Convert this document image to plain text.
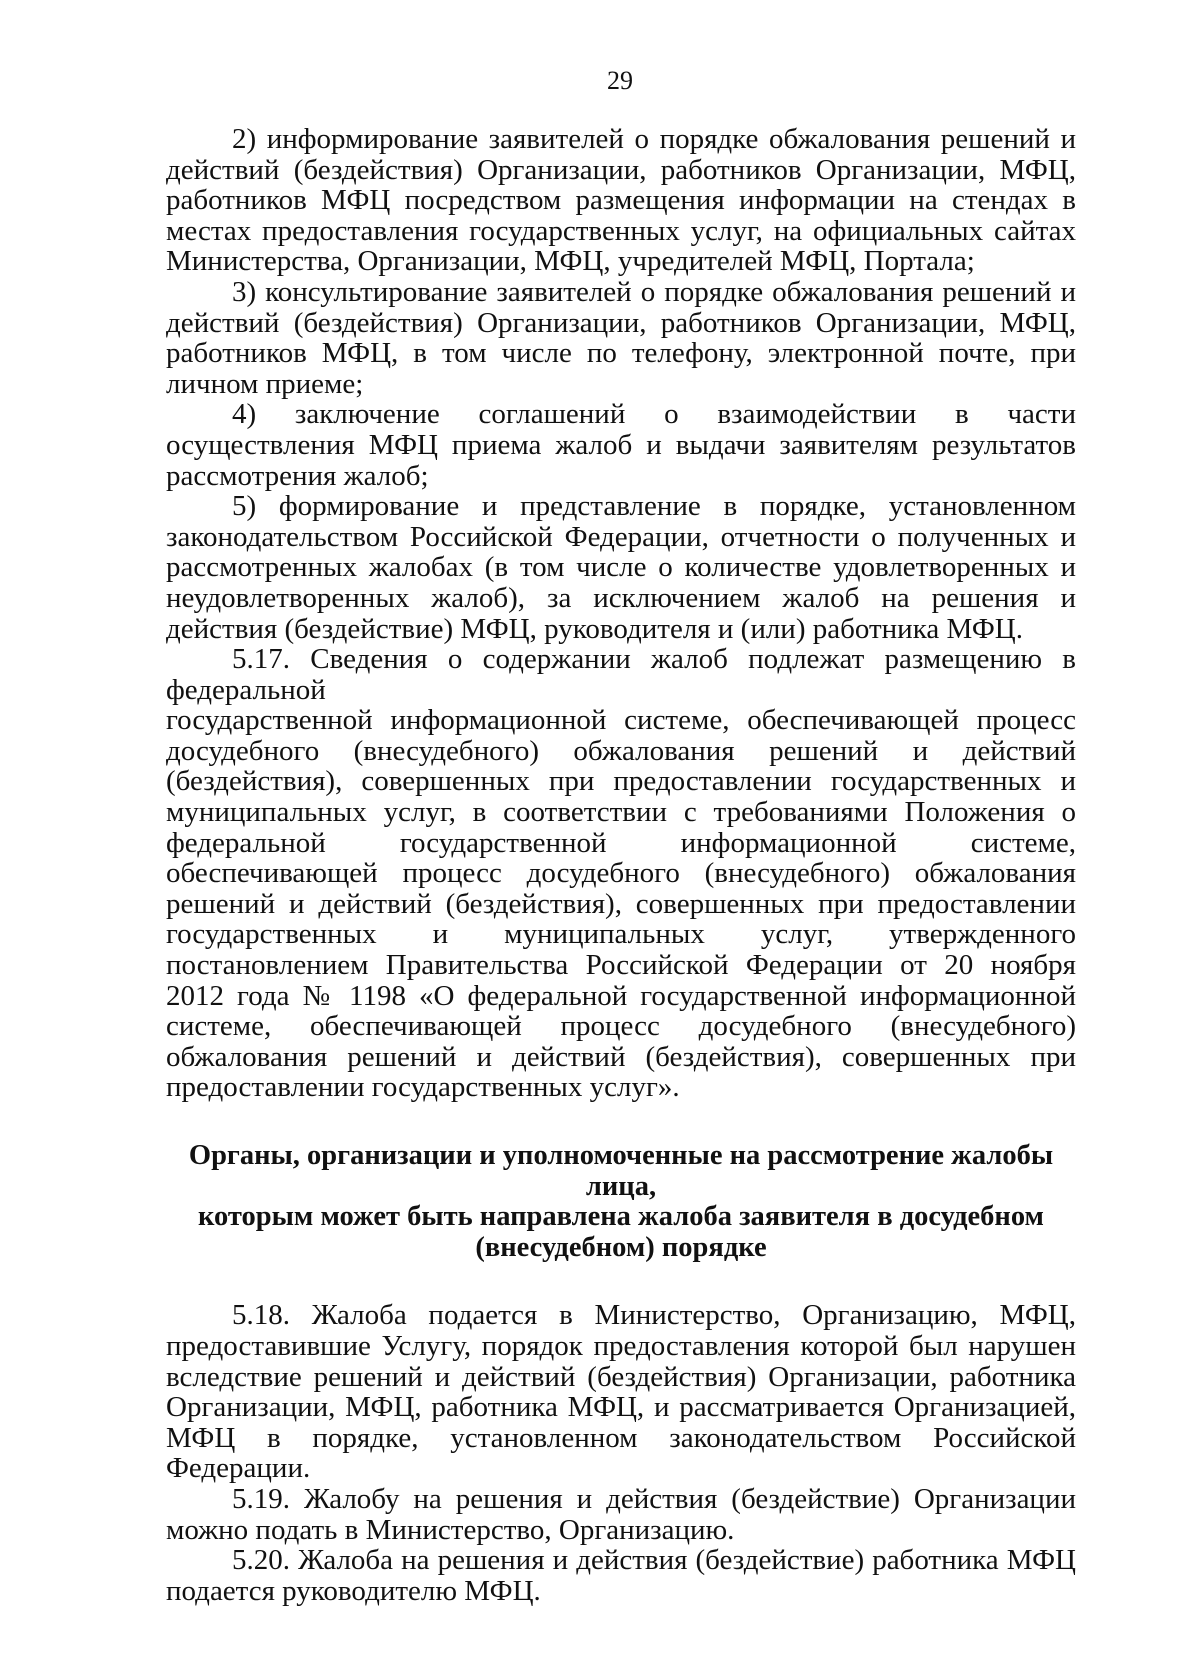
29

2) информирование заявителей о порядке обжалования решений и действий (бездействия) Организации, работников Организации, МФЦ, работников МФЦ посредством размещения информации на стендах в местах предоставления государственных услуг, на официальных сайтах Министерства, Организации, МФЦ, учредителей МФЦ, Портала;

3) консультирование заявителей о порядке обжалования решений и действий (бездействия) Организации, работников Организации, МФЦ, работников МФЦ, в том числе по телефону, электронной почте, при личном приеме;

4) заключение соглашений о взаимодействии в части осуществления МФЦ приема жалоб и выдачи заявителям результатов рассмотрения жалоб;

5) формирование и представление в порядке, установленном законодательством Российской Федерации, отчетности о полученных и рассмотренных жалобах (в том числе о количестве удовлетворенных и неудовлетворенных жалоб), за исключением жалоб на решения и действия (бездействие) МФЦ, руководителя и (или) работника МФЦ.

5.17. Сведения о содержании жалоб подлежат размещению в

федеральной

государственной информационной системе, обеспечивающей процесс досудебного (внесудебного) обжалования решений и действий (бездействия), совершенных при предоставлении государственных и муниципальных услуг, в соответствии с требованиями Положения о федеральной государственной информационной системе, обеспечивающей процесс досудебного (внесудебного) обжалования решений и действий (бездействия), совершенных при предоставлении государственных и муниципальных услуг, утвержденного постановлением Правительства Российской Федерации от 20 ноября 2012 года № 1198 «О федеральной государственной информационной системе, обеспечивающей процесс досудебного (внесудебного) обжалования решений и действий (бездействия), совершенных при предоставлении государственных услуг».

Органы, организации и уполномоченные на рассмотрение жалобы лица,
которым может быть направлена жалоба заявителя в досудебном
(внесудебном) порядке

5.18. Жалоба подается в Министерство, Организацию, МФЦ, предоставившие Услугу, порядок предоставления которой был нарушен вследствие решений и действий (бездействия) Организации, работника Организации, МФЦ, работника МФЦ, и рассматривается Организацией, МФЦ в порядке, установленном законодательством Российской Федерации.

5.19. Жалобу на решения и действия (бездействие) Организации можно подать в Министерство, Организацию.

5.20. Жалоба на решения и действия (бездействие) работника МФЦ подается руководителю МФЦ.
